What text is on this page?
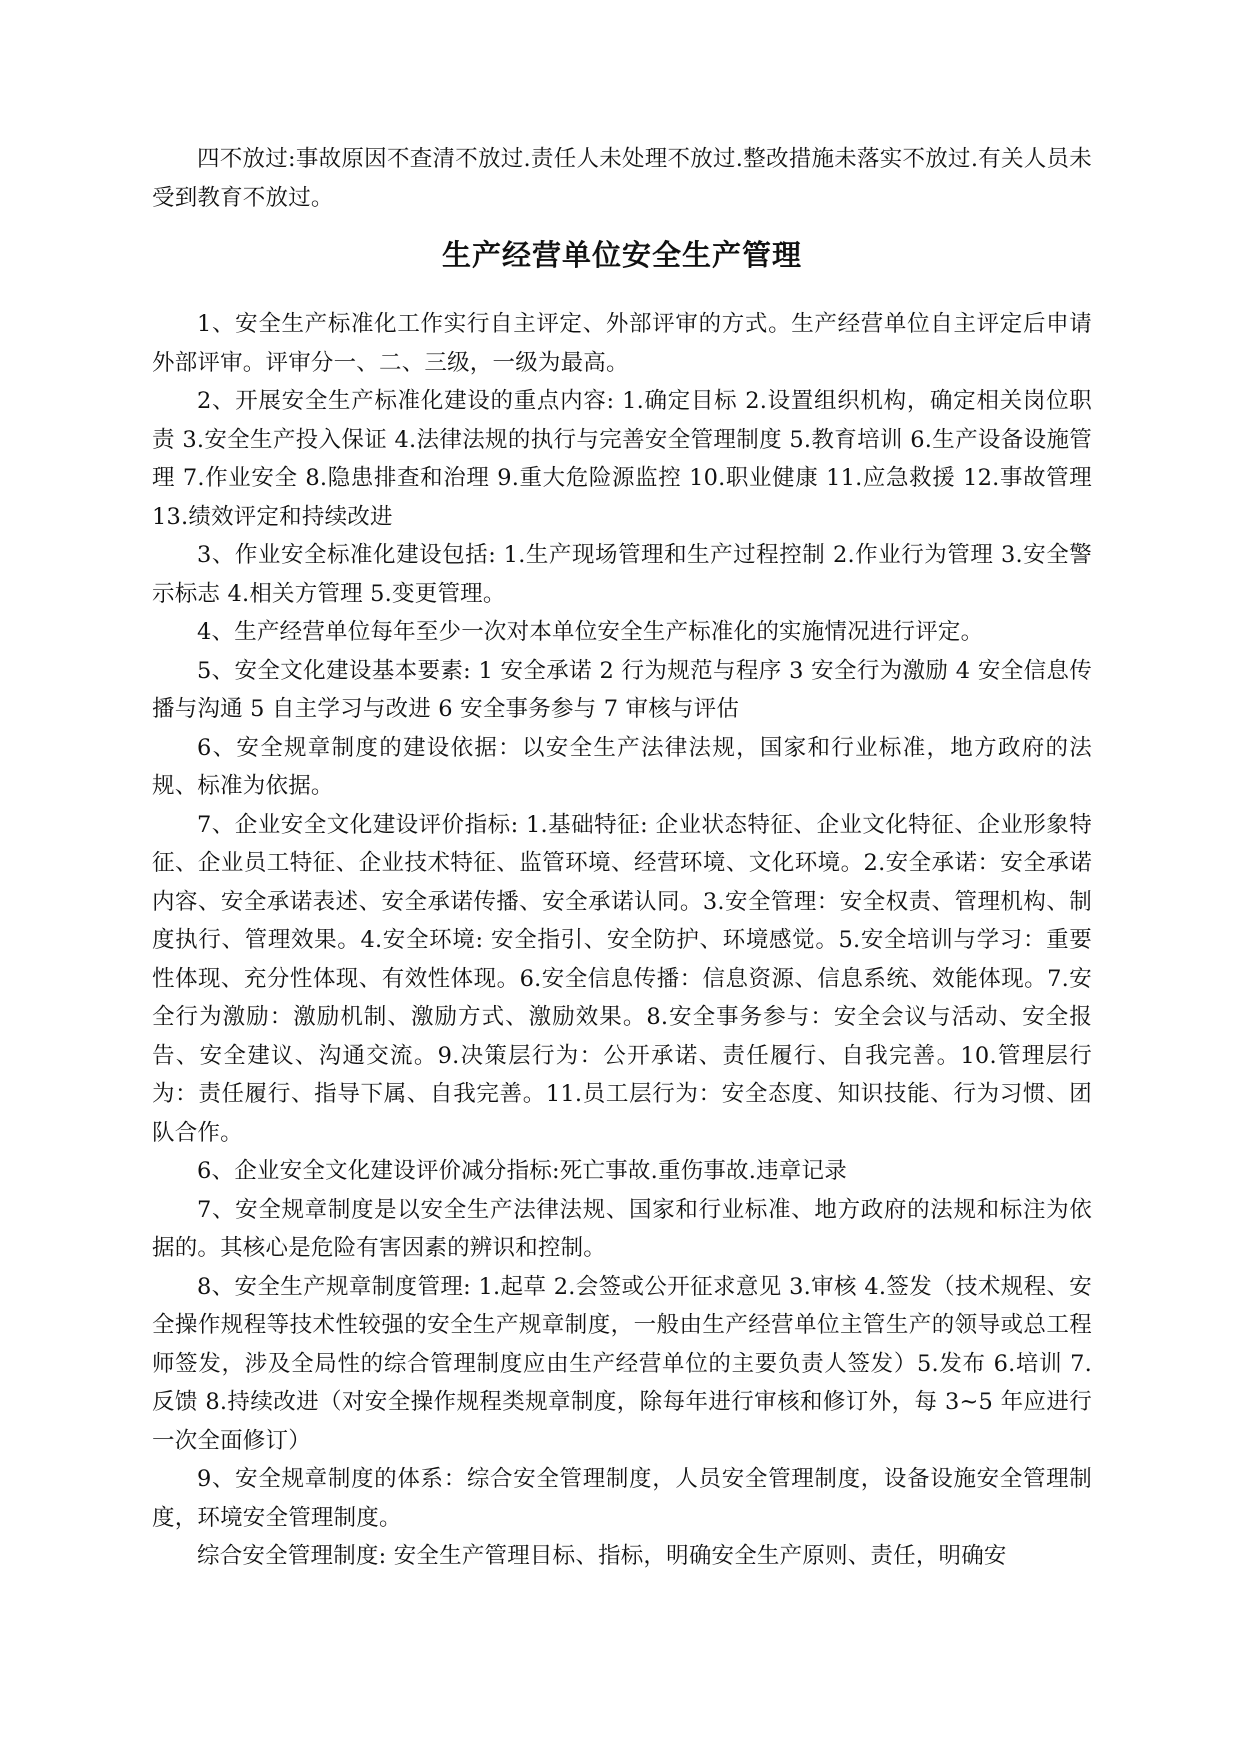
四不放过:事故原因不查清不放过.责任人未处理不放过.整改措施未落实不放过.有关人员未受到教育不放过。

生产经营单位安全生产管理

1、安全生产标准化工作实行自主评定、外部评审的方式。生产经营单位自主评定后申请外部评审。评审分一、二、三级，一级为最高。

2、开展安全生产标准化建设的重点内容: 1.确定目标 2.设置组织机构，确定相关岗位职责 3.安全生产投入保证 4.法律法规的执行与完善安全管理制度 5.教育培训 6.生产设备设施管理 7.作业安全 8.隐患排查和治理 9.重大危险源监控 10.职业健康 11.应急救援 12.事故管理 13.绩效评定和持续改进

3、作业安全标准化建设包括: 1.生产现场管理和生产过程控制 2.作业行为管理 3.安全警示标志 4.相关方管理 5.变更管理。

4、生产经营单位每年至少一次对本单位安全生产标准化的实施情况进行评定。

5、安全文化建设基本要素: 1 安全承诺 2 行为规范与程序 3 安全行为激励 4 安全信息传播与沟通 5 自主学习与改进 6 安全事务参与 7 审核与评估

6、安全规章制度的建设依据：以安全生产法律法规，国家和行业标准，地方政府的法规、标准为依据。

7、企业安全文化建设评价指标: 1.基础特征: 企业状态特征、企业文化特征、企业形象特征、企业员工特征、企业技术特征、监管环境、经营环境、文化环境。2.安全承诺：安全承诺内容、安全承诺表述、安全承诺传播、安全承诺认同。3.安全管理：安全权责、管理机构、制度执行、管理效果。4.安全环境: 安全指引、安全防护、环境感觉。5.安全培训与学习：重要性体现、充分性体现、有效性体现。6.安全信息传播：信息资源、信息系统、效能体现。7.安全行为激励：激励机制、激励方式、激励效果。8.安全事务参与：安全会议与活动、安全报告、安全建议、沟通交流。9.决策层行为：公开承诺、责任履行、自我完善。10.管理层行为：责任履行、指导下属、自我完善。11.员工层行为：安全态度、知识技能、行为习惯、团队合作。

6、企业安全文化建设评价减分指标:死亡事故.重伤事故.违章记录

7、安全规章制度是以安全生产法律法规、国家和行业标准、地方政府的法规和标注为依据的。其核心是危险有害因素的辨识和控制。

8、安全生产规章制度管理: 1.起草 2.会签或公开征求意见 3.审核 4.签发（技术规程、安全操作规程等技术性较强的安全生产规章制度，一般由生产经营单位主管生产的领导或总工程师签发，涉及全局性的综合管理制度应由生产经营单位的主要负责人签发）5.发布 6.培训 7.反馈 8.持续改进（对安全操作规程类规章制度，除每年进行审核和修订外，每 3~5 年应进行一次全面修订）

9、安全规章制度的体系：综合安全管理制度，人员安全管理制度，设备设施安全管理制度，环境安全管理制度。

综合安全管理制度: 安全生产管理目标、指标，明确安全生产原则、责任，明确安
